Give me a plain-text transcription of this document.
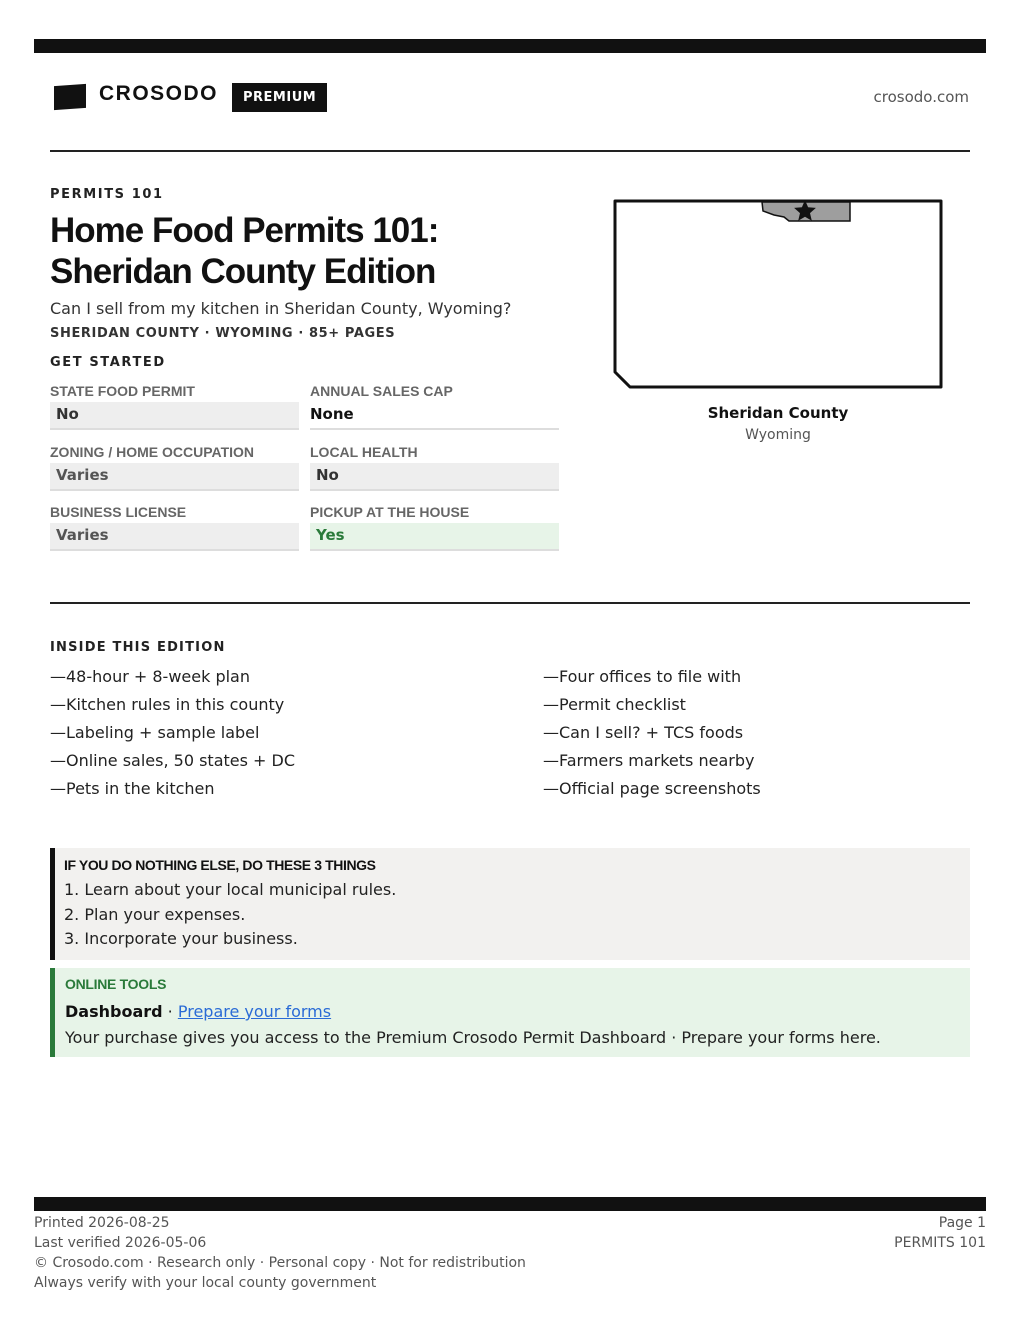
CROSODO	PREMIUM	crosodo.com
PERMITS 101
Home Food Permits 101:
Sheridan County Edition
Can I sell from my kitchen in Sheridan County, Wyoming?
SHERIDAN COUNTY · WYOMING · 85+ PAGES
GET STARTED
STATE FOOD PERMIT
No
ANNUAL SALES CAP
None
ZONING / HOME OCCUPATION
Varies
LOCAL HEALTH
No
BUSINESS LICENSE
Varies
PICKUP AT THE HOUSE
Yes
Sheridan County
Wyoming
INSIDE THIS EDITION
—48-hour + 8-week plan
—Kitchen rules in this county
—Labeling + sample label
—Online sales, 50 states + DC
—Pets in the kitchen
—Four offices to file with
—Permit checklist
—Can I sell? + TCS foods
—Farmers markets nearby
—Official page screenshots
IF YOU DO NOTHING ELSE, DO THESE 3 THINGS
1. Learn about your local municipal rules.
2. Plan your expenses.
3. Incorporate your business.
ONLINE TOOLS
Dashboard · Prepare your forms
Your purchase gives you access to the Premium Crosodo Permit Dashboard · Prepare your forms here.
Printed 2026-08-25
Last verified 2026-05-06
© Crosodo.com · Research only · Personal copy · Not for redistribution
Always verify with your local county government
Page 1
PERMITS 101
